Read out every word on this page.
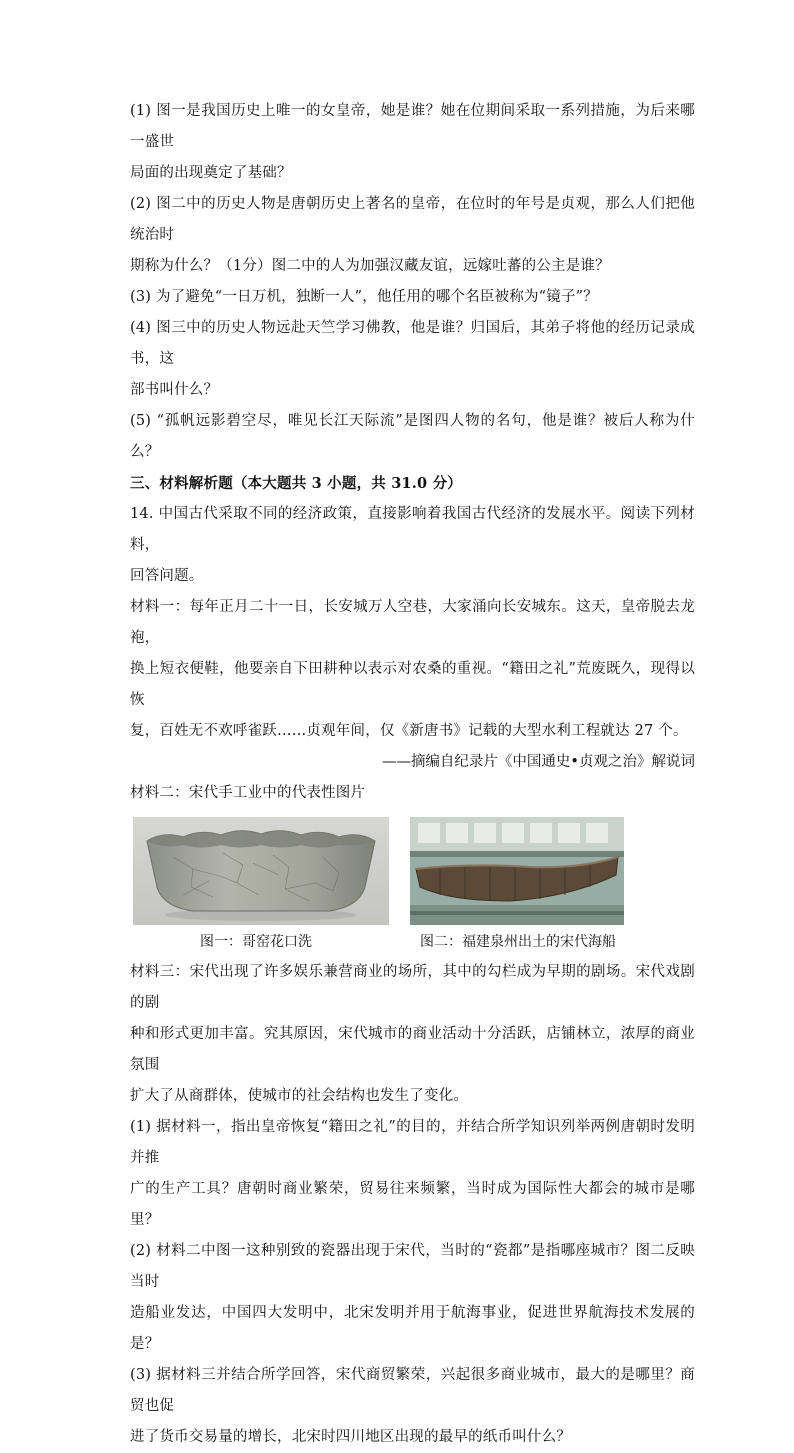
(1) 图一是我国历史上唯一的女皇帝，她是谁？她在位期间采取一系列措施，为后来哪一盛世

局面的出现奠定了基础？

(2) 图二中的历史人物是唐朝历史上著名的皇帝，在位时的年号是贞观，那么人们把他统治时

期称为什么？（1分）图二中的人为加强汉藏友谊，远嫁吐蕃的公主是谁？

(3) 为了避免“一日万机，独断一人”，他任用的哪个名臣被称为“镜子”？

(4) 图三中的历史人物远赴天竺学习佛教，他是谁？归国后，其弟子将他的经历记录成书，这

部书叫什么？

(5) “孤帆远影碧空尽，唯见长江天际流”是图四人物的名句，他是谁？被后人称为什么？

三、材料解析题（本大题共 3 小题，共 31.0 分）

14. 中国古代采取不同的经济政策，直接影响着我国古代经济的发展水平。阅读下列材料，

回答问题。

材料一：每年正月二十一日，长安城万人空巷，大家涌向长安城东。这天，皇帝脱去龙袍，

换上短衣便鞋，他要亲自下田耕种以表示对农桑的重视。“籍田之礼”荒废既久，现得以恢

复，百姓无不欢呼雀跃……贞观年间，仅《新唐书》记载的大型水利工程就达 27 个。

——摘编自纪录片《中国通史•贞观之治》解说词

材料二：宋代手工业中的代表性图片

图一：哥窑花口洗	图二：福建泉州出土的宋代海船

材料三：宋代出现了许多娱乐兼营商业的场所，其中的勾栏成为早期的剧场。宋代戏剧的剧

种和形式更加丰富。究其原因，宋代城市的商业活动十分活跃，店铺林立，浓厚的商业氛围

扩大了从商群体，使城市的社会结构也发生了变化。

(1) 据材料一，指出皇帝恢复“籍田之礼”的目的，并结合所学知识列举两例唐朝时发明并推

广的生产工具？唐朝时商业繁荣，贸易往来频繁，当时成为国际性大都会的城市是哪里？

(2) 材料二中图一这种别致的瓷器出现于宋代，当时的“瓷都”是指哪座城市？图二反映当时

造船业发达，中国四大发明中，北宋发明并用于航海事业，促进世界航海技术发展的是？

(3) 据材料三并结合所学回答，宋代商贸繁荣，兴起很多商业城市，最大的是哪里？商贸也促

进了货币交易量的增长，北宋时四川地区出现的最早的纸币叫什么？
